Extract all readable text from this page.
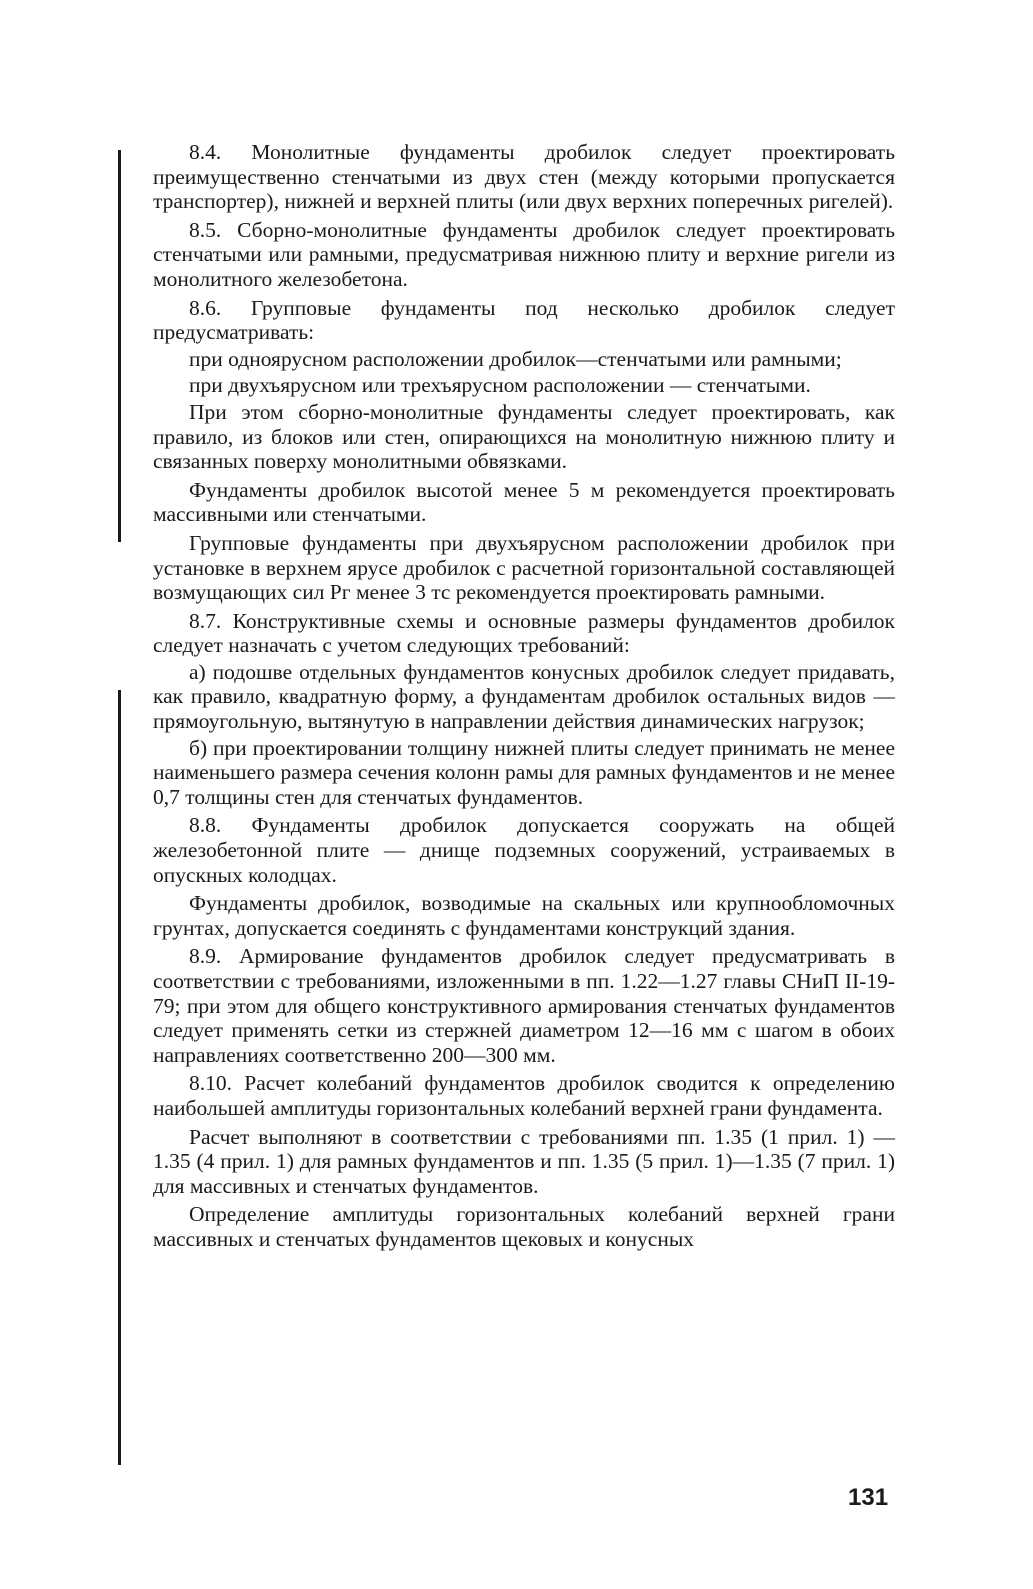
8.4. Монолитные фундаменты дробилок следует проектировать преимущественно стенчатыми из двух стен (между которыми пропускается транспортер), нижней и верхней плиты (или двух верхних поперечных ригелей).

8.5. Сборно-монолитные фундаменты дробилок следует проектировать стенчатыми или рамными, предусматривая нижнюю плиту и верхние ригели из монолитного железобетона.

8.6. Групповые фундаменты под несколько дробилок следует предусматривать:

при одноярусном расположении дробилок—стенчатыми или рамными;

при двухъярусном или трехъярусном расположении — стенчатыми.

При этом сборно-монолитные фундаменты следует проектировать, как правило, из блоков или стен, опирающихся на монолитную нижнюю плиту и связанных поверху монолитными обвязками.

Фундаменты дробилок высотой менее 5 м рекомендуется проектировать массивными или стенчатыми.

Групповые фундаменты при двухъярусном расположении дробилок при установке в верхнем ярусе дробилок с расчетной горизонтальной составляющей возмущающих сил Pг менее 3 тс рекомендуется проектировать рамными.

8.7. Конструктивные схемы и основные размеры фундаментов дробилок следует назначать с учетом следующих требований:

а) подошве отдельных фундаментов конусных дробилок следует придавать, как правило, квадратную форму, а фундаментам дробилок остальных видов — прямоугольную, вытянутую в направлении действия динамических нагрузок;

б) при проектировании толщину нижней плиты следует принимать не менее наименьшего размера сечения колонн рамы для рамных фундаментов и не менее 0,7 толщины стен для стенчатых фундаментов.

8.8. Фундаменты дробилок допускается сооружать на общей железобетонной плите — днище подземных сооружений, устраиваемых в опускных колодцах.

Фундаменты дробилок, возводимые на скальных или крупнообломочных грунтах, допускается соединять с фундаментами конструкций здания.

8.9. Армирование фундаментов дробилок следует предусматривать в соответствии с требованиями, изложенными в пп. 1.22—1.27 главы СНиП II-19-79; при этом для общего конструктивного армирования стенчатых фундаментов следует применять сетки из стержней диаметром 12—16 мм с шагом в обоих направлениях соответственно 200—300 мм.

8.10. Расчет колебаний фундаментов дробилок сводится к определению наибольшей амплитуды горизонтальных колебаний верхней грани фундамента.

Расчет выполняют в соответствии с требованиями пп. 1.35 (1 прил. 1) — 1.35 (4 прил. 1) для рамных фундаментов и пп. 1.35 (5 прил. 1)—1.35 (7 прил. 1) для массивных и стенчатых фундаментов.

Определение амплитуды горизонтальных колебаний верхней грани массивных и стенчатых фундаментов щековых и конусных

131
